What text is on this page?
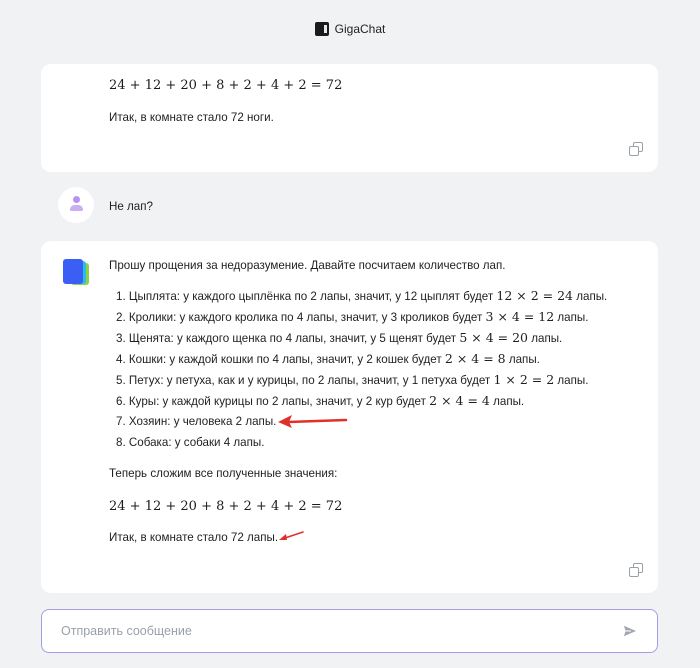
GigaChat
24 + 12 + 20 + 8 + 2 + 4 + 2 = 72
Итак, в комнате стало 72 ноги.
Не лап?
Прошу прощения за недоразумение. Давайте посчитаем количество лап.
1. Цыплята: у каждого цыплёнка по 2 лапы, значит, у 12 цыплят будет 12 × 2 = 24 лапы.
2. Кролики: у каждого кролика по 4 лапы, значит, у 3 кроликов будет 3 × 4 = 12 лапы.
3. Щенята: у каждого щенка по 4 лапы, значит, у 5 щенят будет 5 × 4 = 20 лапы.
4. Кошки: у каждой кошки по 4 лапы, значит, у 2 кошек будет 2 × 4 = 8 лапы.
5. Петух: у петуха, как и у курицы, по 2 лапы, значит, у 1 петуха будет 1 × 2 = 2 лапы.
6. Куры: у каждой курицы по 2 лапы, значит, у 2 кур будет 2 × 4 = 4 лапы.
7. Хозяин: у человека 2 лапы.
8. Собака: у собаки 4 лапы.
Теперь сложим все полученные значения:
24 + 12 + 20 + 8 + 2 + 4 + 2 = 72
Итак, в комнате стало 72 лапы.
Отправить сообщение
